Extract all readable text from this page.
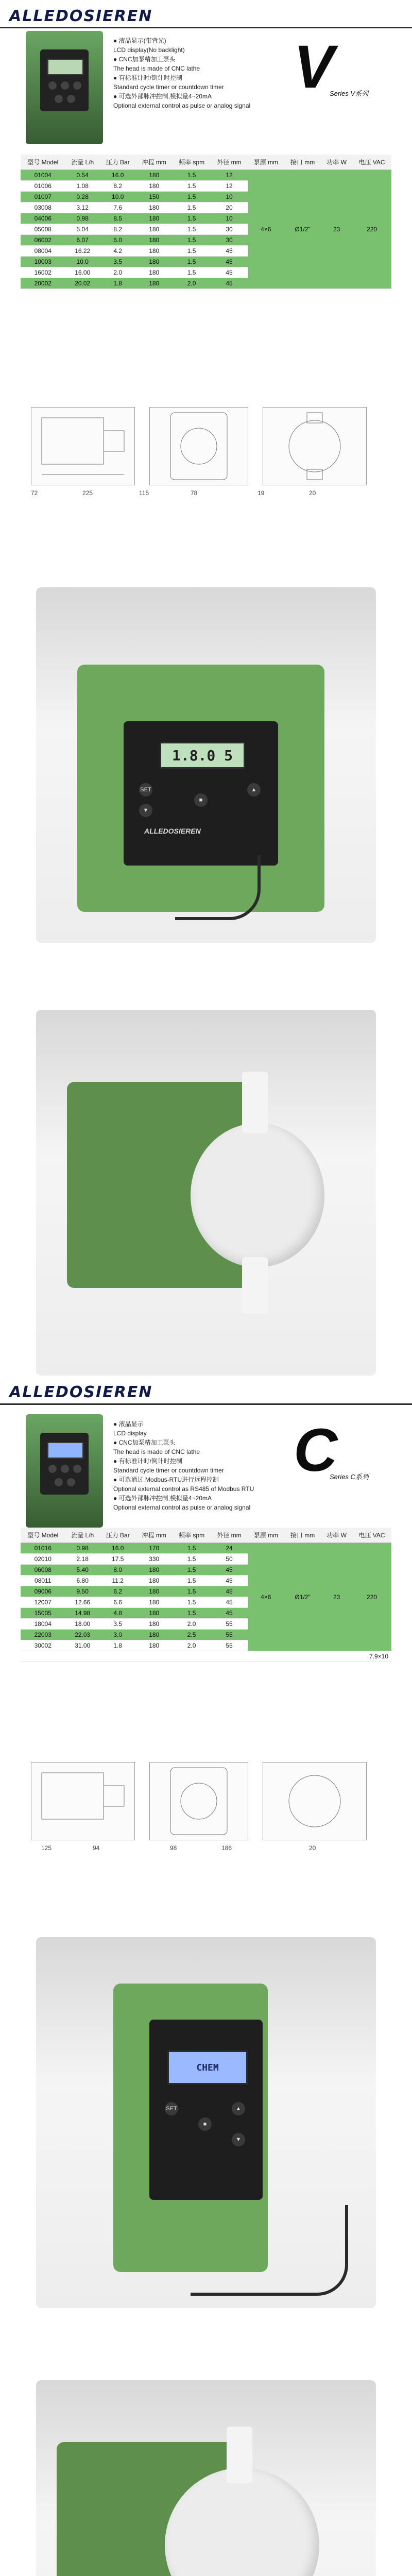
ALLEDOSIEREN
● 液晶显示(带背光)
LCD display(No backlight)
● CNC加泵精加工泵头
The head is made of CNC lathe
● 有标准计时/倒计时控制
Standard cycle timer or countdown timer
● 可选外部脉冲控制,模拟量4~20mA
Optional external control as pulse or analog signal
V
Series V系列
型号 Model	流量 L/h	压力 Bar	冲程 mm	频率 spm	外径 mm	泵源 mm	接口 mm	功率 W	电压 VAC
01004	0.54	16.0	180	1.5	12	4×6	Ø1/2"	23	220
01006	1.08	8.2	180	1.5	12				
01007	0.28	10.0	150	1.5	10				
03008	3.12	7.6	180	1.5	20				
04006	0.98	8.5	180	1.5	10				
05008	5.04	8.2	180	1.5	30				
06002	6.07	6.0	180	1.5	30				
08004	16.22	4.2	180	1.5	45				
10003	10.0	3.5	180	1.5	45				
16002	16.00	2.0	180	1.5	45				
20002	20.02	1.8	180	2.0	45				
72	225	115	78	19	20
1.8.0 5
SET	▲
▼
■
ALLEDOSIEREN
ALLEDOSIEREN
● 液晶显示
LCD display
● CNC加泵精加工泵头
The head is made of CNC lathe
● 有标准计时/倒计时控制
Standard cycle timer or countdown timer
● 可选通过 Modbus-RTU进行远程控制
Optional external control as RS485 of Modbus RTU
● 可选外部脉冲控制,模拟量4~20mA
Optional external control as pulse or analog signal
C
Series C系列
型号 Model	流量 L/h	压力 Bar	冲程 mm	频率 spm	外径 mm	泵源 mm	接口 mm	功率 W	电压 VAC
01016	0.98	16.0	170	1.5	24	4×6	Ø1/2"	23	220
02010	2.18	17.5	330	1.5	50				
06008	5.40	8.0	180	1.5	45				
08011	6.80	11.2	180	1.5	45				
09006	9.50	6.2	180	1.5	45				
12007	12.66	6.6	180	1.5	45				
15005	14.98	4.8	180	1.5	45				
18004	18.00	3.5	180	2.0	55				
22003	22.03	3.0	180	2.5	55				
30002	31.00	1.8	180	2.0	55				
7.9×10									
125	94	98	186	20
CHEM
SET	▲
■
▼
